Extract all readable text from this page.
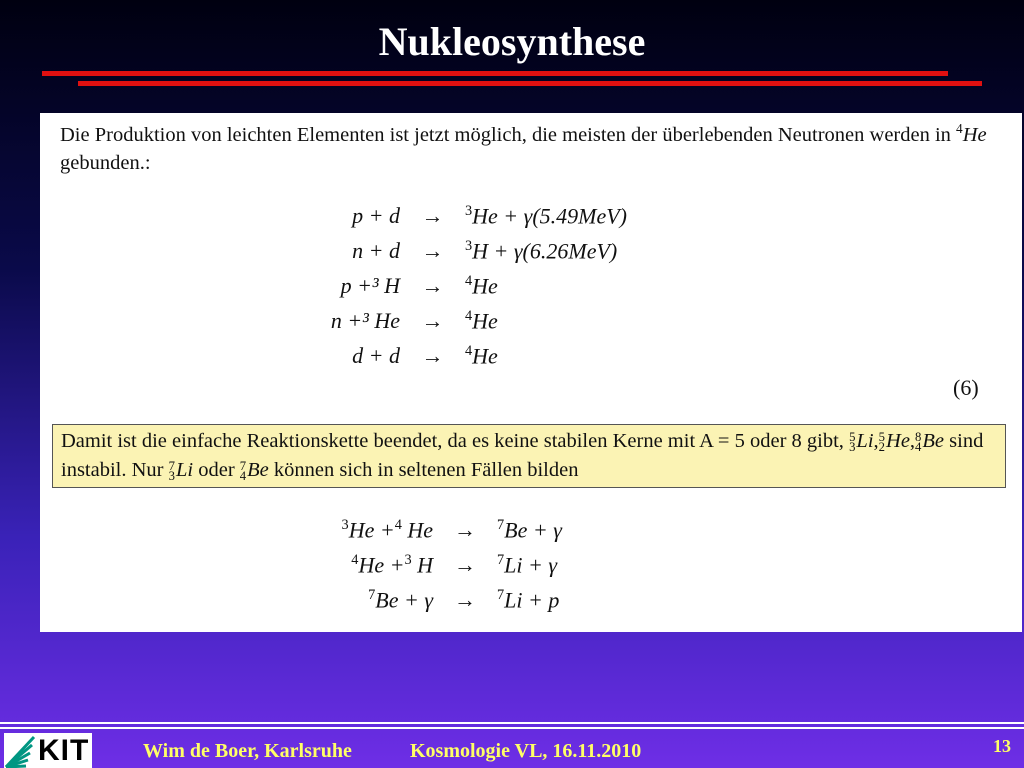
Nukleosynthese
Die Produktion von leichten Elementen ist jetzt möglich, die meisten der überlebenden Neutronen werden in $^4$He gebunden.:
p + d → $^3$He + γ(5.49MeV)
n + d → $^3$H + γ(6.26MeV)
p +³ H → $^4$He
n +³ He → $^4$He
d + d → $^4$He
(6)
Damit ist die einfache Reaktionskette beendet, da es keine stabilen Kerne mit A = 5 oder 8 gibt, 5
3 Li, 5
2 He, 8
4 Be sind instabil. Nur 7
3 Li oder 7
4 Be können sich in seltenen Fällen bilden
$^3$He +$^4$ He → $^7$Be + γ
$^4$He +$^3$ H → $^7$Li + γ
$^7$Be + γ → $^7$Li + p
KIT	Wim de Boer, Karlsruhe	Kosmologie VL, 16.11.2010	13
